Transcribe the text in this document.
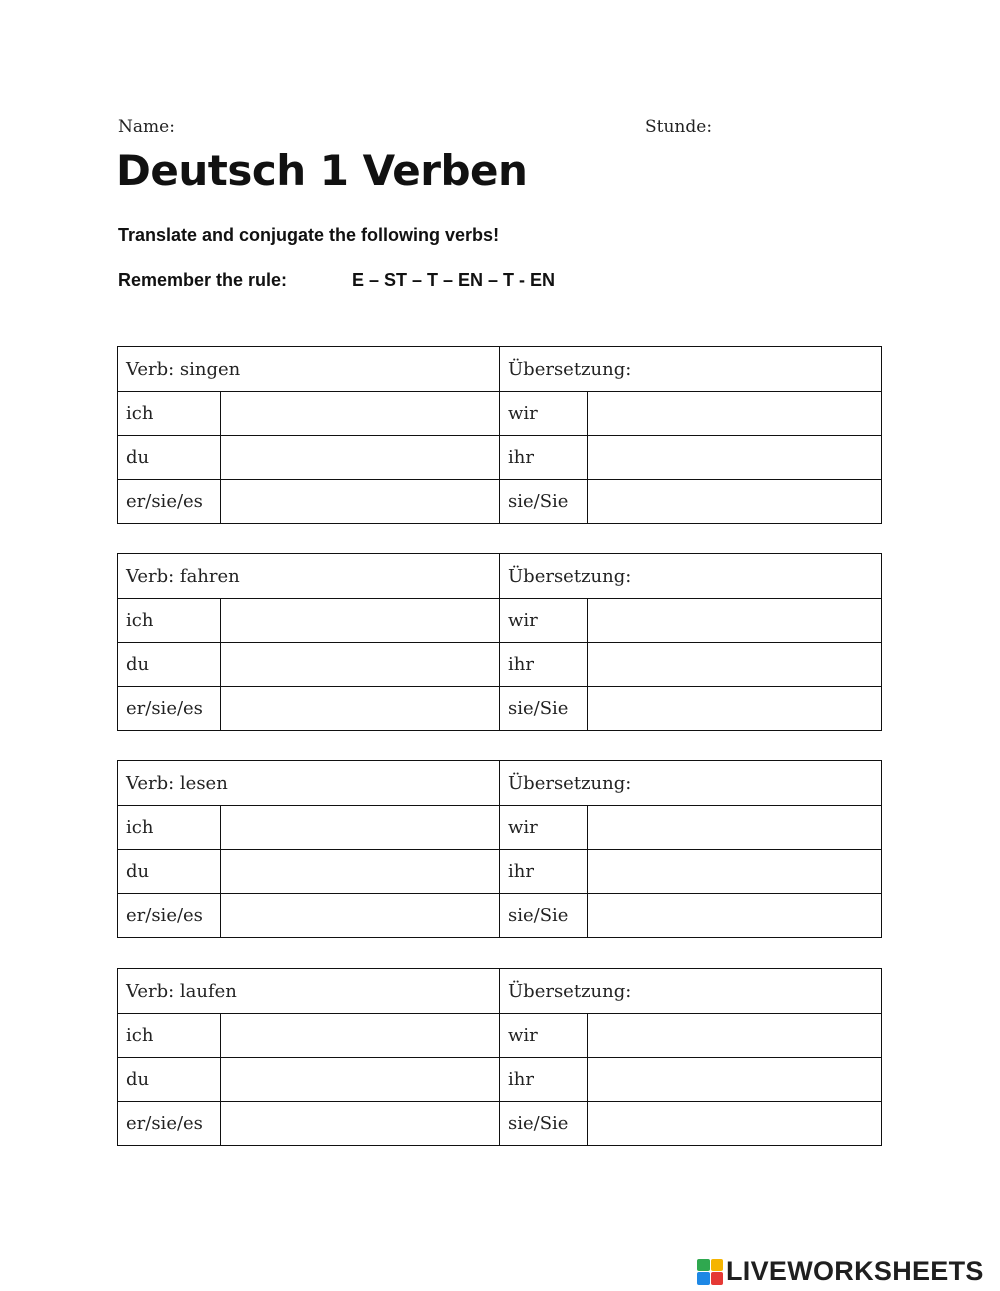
Name:	Stunde:
Deutsch 1 Verben
Translate and conjugate the following verbs!
Remember the rule:	E – ST – T – EN – T - EN
Verb: singen		Übersetzung:	
ich		wir	
du		ihr	
er/sie/es		sie/Sie	
Verb: fahren		Übersetzung:	
ich		wir	
du		ihr	
er/sie/es		sie/Sie	
Verb: lesen		Übersetzung:	
ich		wir	
du		ihr	
er/sie/es		sie/Sie	
Verb: laufen		Übersetzung:	
ich		wir	
du		ihr	
er/sie/es		sie/Sie	
LIVEWORKSHEETS
